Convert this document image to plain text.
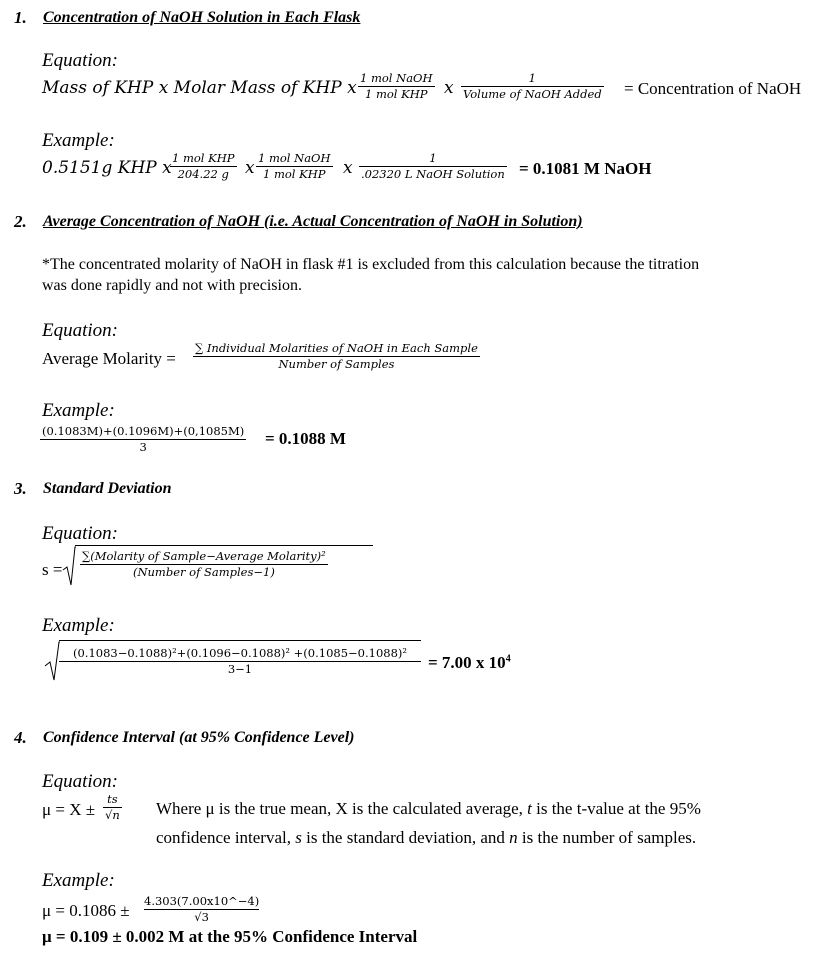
1. Concentration of NaOH Solution in Each Flask
Equation:
Mass of KHP x Molar Mass of KHP x 1 mol NaOH
1 mol KHP x	1
Volume of NaOH Added = Concentration of NaOH
Example:
0.5151g KHP x 1 mol KHP
204.22 g x 1 mol NaOH
1 mol KHP	x	1
.02320 L NaOH Solution = 0.1081 M NaOH
2. Average Concentration of NaOH (i.e. Actual Concentration of NaOH in Solution)
*The concentrated molarity of NaOH in flask #1 is excluded from this calculation because the titration
was done rapidly and not with precision.
Equation:
Average Molarity =
∑ Individual Molarities of NaOH in Each Sample
Number of Samples
Example:
$\frac{(0.1083M)+(0.1096M)+(0,1085M)}{3} = 0.1088$ M
3. Standard Deviation
Equation:
s =
∑(Molarity of Sample−Average Molarity)²
(Number of Samples−1)
Example:
$\frac{\text{(0.1083−0.1088)²+(0.1096−0.1088)² +(0.1085−0.1088)²}}{3-1} = 7.00$ x $10^4$
4. Confidence Interval (at 95% Confidence Level)
Equation:
$\mu = X \pm \frac{ts}{√n}$ Where μ is the true mean, X is the calculated average, t is the t-value at the 95%
confidence interval, s is the standard deviation, and n is the number of samples.
Example:
μ = 0.1086 ± 4.303(7.00x10^−4)
√3
μ = 0.109 ± 0.002 M at the 95% Confidence Interval
